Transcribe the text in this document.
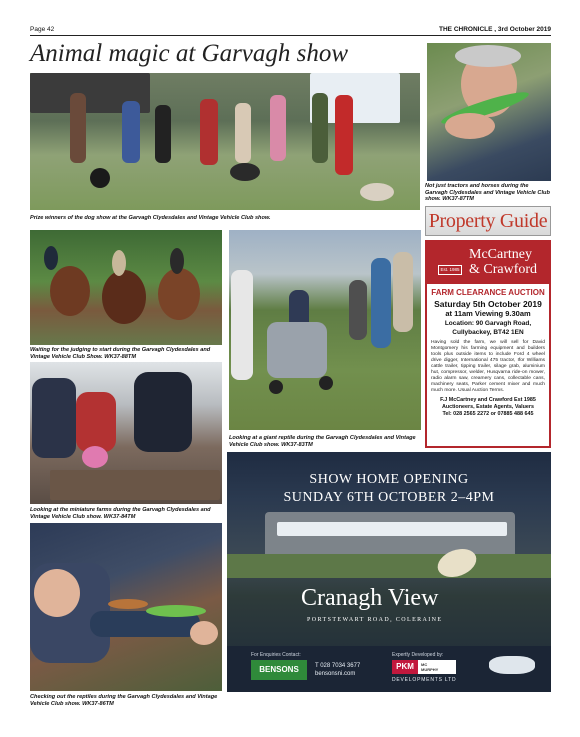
Page 42	THE CHRONICLE , 3rd October 2019
Animal magic at Garvagh show
Prize winners of the dog show at the Garvagh Clydesdales and Vintage Vehicle Club show.
Not just tractors and horses during the Garvagh Clydesdales and Vintage Vehicle Club show. WK37-87TM
Property Guide
Est. 1985
McCartney
& Crawford
FARM CLEARANCE AUCTION
Saturday 5th October 2019
at 11am Viewing 9.30am
Location: 90 Garvagh Road,
Cullybackey, BT42 1EN
Having sold the farm, we will sell for David Montgomery his farming equipment and builders tools plus outside items to include Ford 4 wheel drive digger, International 475 tractor, Ifor Williams cattle trailer, tipping trailer, silage grab, aluminium hut, compressor, welder, Husqvarna ride-on mower, radio alarm saw, creamery cans, collectable cans, machinery seats, Parker cement mixer and much much more. Usual Auction Terms.
F.J McCartney and Crawford Est 1985
Auctioneers, Estate Agents, Valuers
Tel: 028 2565 2272 or 07885 488 645
Waiting for the judging to start during the Garvagh Clydesdales and Vintage Vehicle Club Show. WK37-88TM
Looking at a giant reptile during the Garvagh Clydesdales and Vintage Vehicle Club show. WK37-83TM
Looking at the miniature farms during the Garvagh Clydesdales and Vintage Vehicle Club show. WK37-84TM
Checking out the reptiles during the Garvagh Clydesdales and Vintage Vehicle Club show. WK37-86TM
SHOW HOME OPENING
SUNDAY 6TH OCTOBER 2–4PM
Cranagh View
PORTSTEWART ROAD, COLERAINE
For Enquiries Contact:
BENSONS	T 028 7034 3677
bensonsni.com
Expertly Developed by:
PKM	MC
MURPHY
DEVELOPMENTS LTD
